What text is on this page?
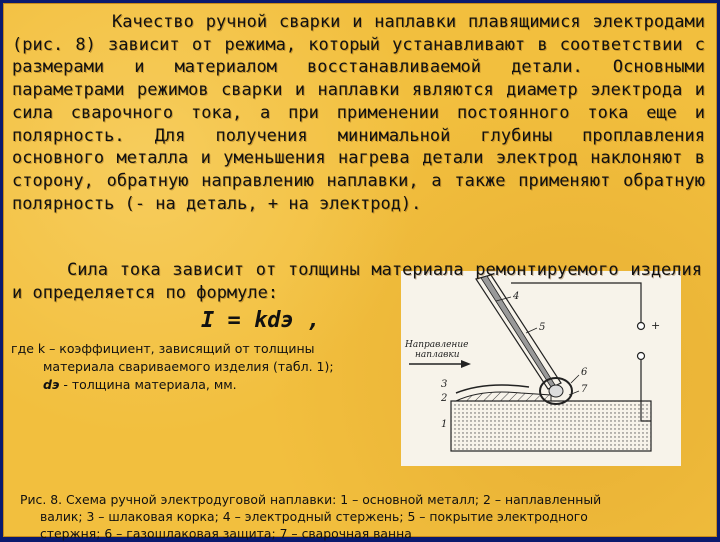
Качество ручной сварки и наплавки плавящимися электродами (рис. 8) зависит от режима, который устанавливают в соответствии с размерами и материалом восстанавливаемой детали. Основными параметрами режимов сварки и наплавки являются диаметр электрода и сила сварочного тока, а при применении постоянного тока еще и полярность. Для получения минимальной глубины проплавления основного металла и уменьшения нагрева детали электрод наклоняют в сторону, обратную направлению наплавки, а также применяют обратную полярность (- на деталь, + на электрод).

+
Направление
наплавки
4
5
6
7
3
2
1

Сила тока зависит от толщины материала ремонтируемого изделия и определяется по формуле:

I = kdэ ,
где k – коэффициент, зависящий от толщины
материала свариваемого изделия (табл. 1);
dэ - толщина материала, мм.
Рис. 8. Схема ручной электродуговой наплавки: 1 – основной металл; 2 – наплавленный
валик; 3 – шлаковая корка; 4 – электродный стержень; 5 – покрытие электродного
стержня; 6 – газошлаковая защита; 7 – сварочная ванна
